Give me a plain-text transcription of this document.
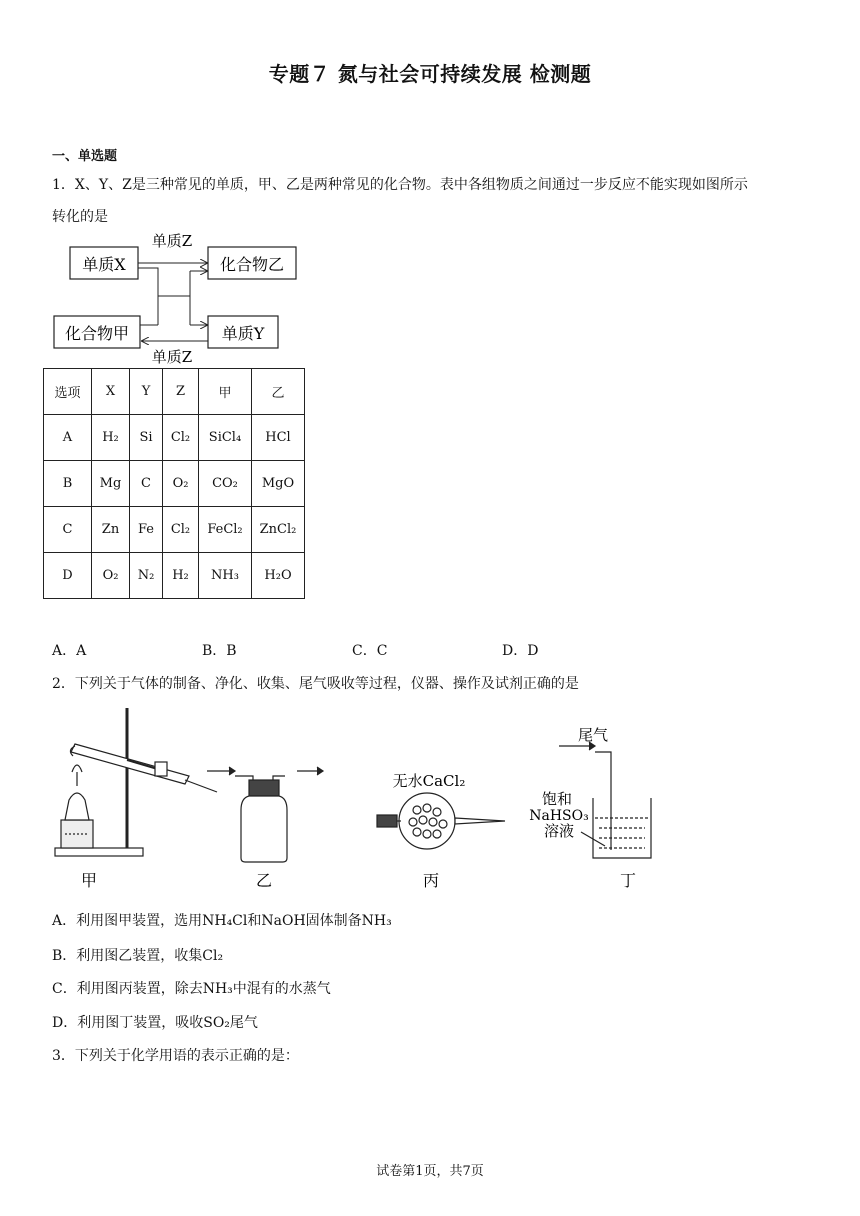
专题７ 氮与社会可持续发展 检测题
一、单选题
1．X、Y、Z是三种常见的单质，甲、乙是两种常见的化合物。表中各组物质之间通过一步反应不能实现如图所示
转化的是
单质X	化合物乙
化合物甲	单质Y
单质Z
单质Z
选项	X	Y	Z	甲	乙
A	H₂	Si	Cl₂	SiCl₄	HCl
B	Mg	C	O₂	CO₂	MgO
C	Zn	Fe	Cl₂	FeCl₂	ZnCl₂
D	O₂	N₂	H₂	NH₃	H₂O
A．A	B．B	C．C	D．D
2．下列关于气体的制备、净化、收集、尾气吸收等过程，仪器、操作及试剂正确的是
甲	乙
无水CaCl₂
丙
尾气
饱和
NaHSO₃
溶液
丁
A．利用图甲装置，选用NH₄Cl和NaOH固体制备NH₃
B．利用图乙装置，收集Cl₂
C．利用图丙装置，除去NH₃中混有的水蒸气
D．利用图丁装置，吸收SO₂尾气
3．下列关于化学用语的表示正确的是：
试卷第1页，共7页
